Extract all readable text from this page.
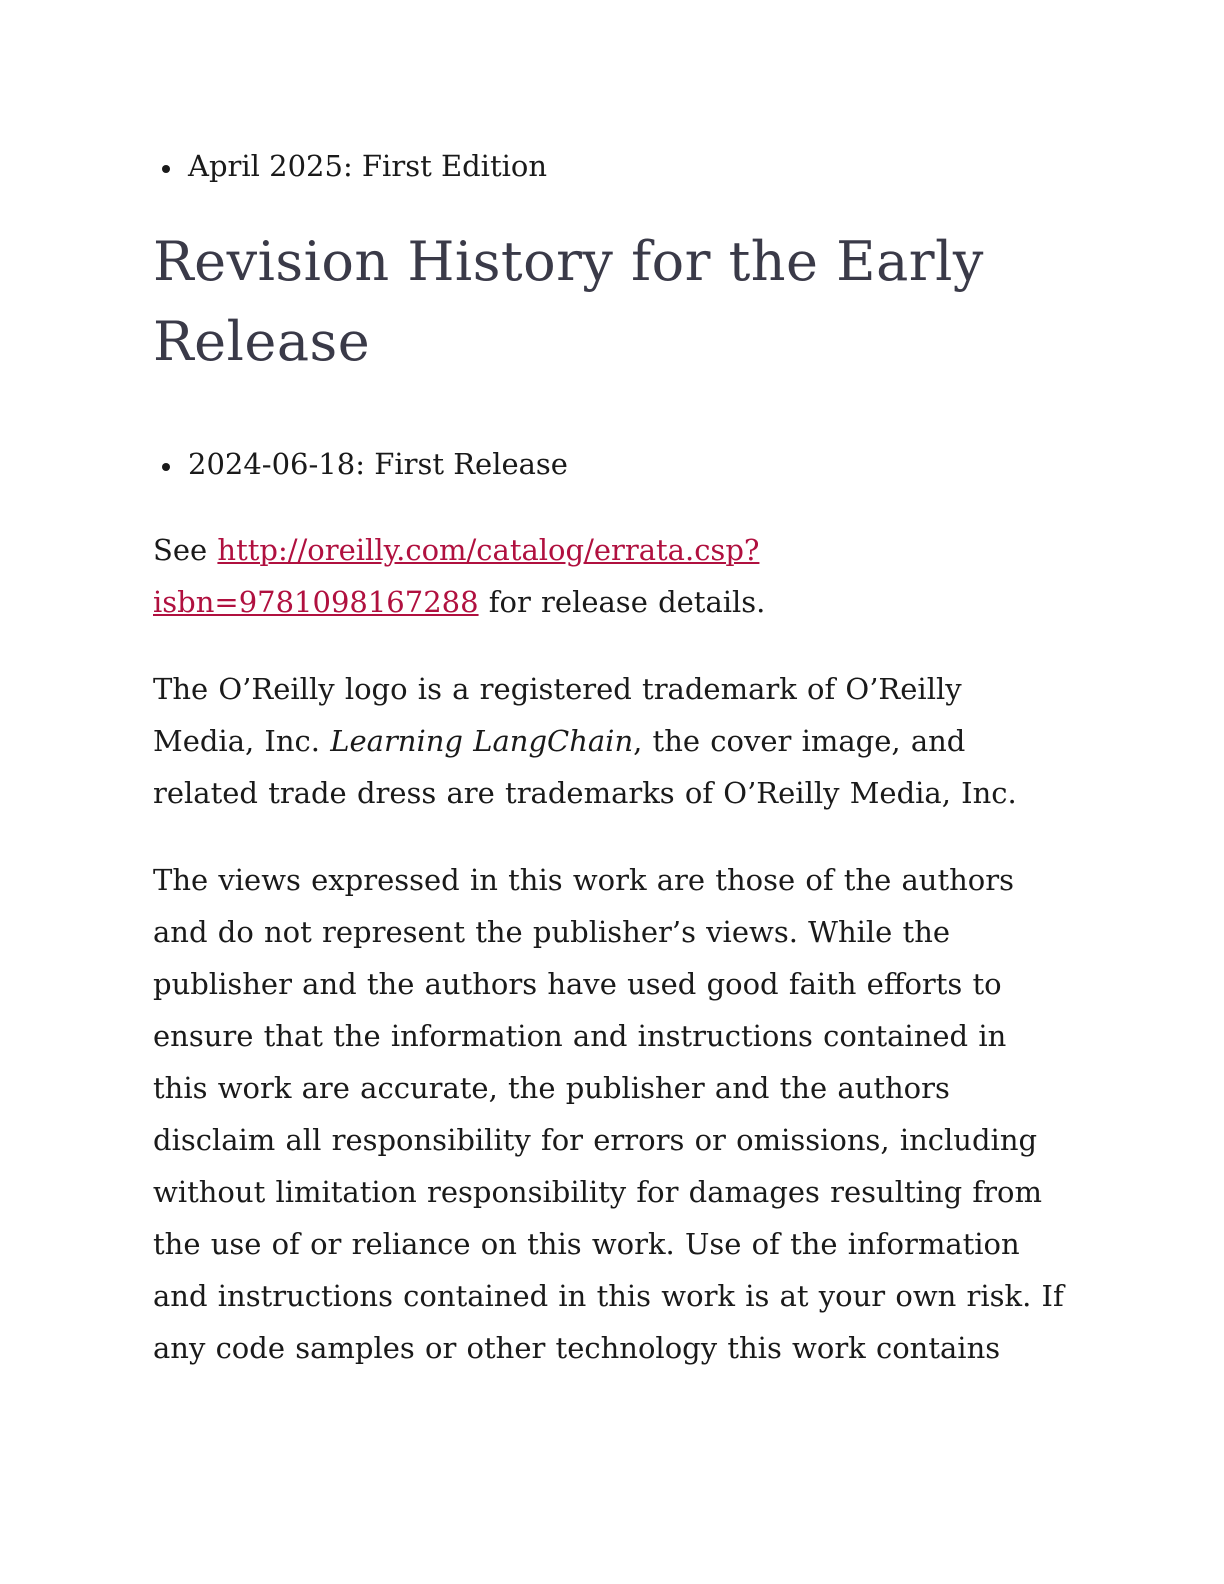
April 2025: First Edition
Revision History for the Early Release
2024-06-18: First Release

See http://oreilly.com/catalog/errata.csp?isbn=9781098167288 for release details.

The O’Reilly logo is a registered trademark of O’Reilly Media, Inc. Learning LangChain, the cover image, and related trade dress are trademarks of O’Reilly Media, Inc.

The views expressed in this work are those of the authors and do not represent the publisher’s views. While the publisher and the authors have used good faith efforts to ensure that the information and instructions contained in this work are accurate, the publisher and the authors disclaim all responsibility for errors or omissions, including without limitation responsibility for damages resulting from the use of or reliance on this work. Use of the information and instructions contained in this work is at your own risk. If any code samples or other technology this work contains
